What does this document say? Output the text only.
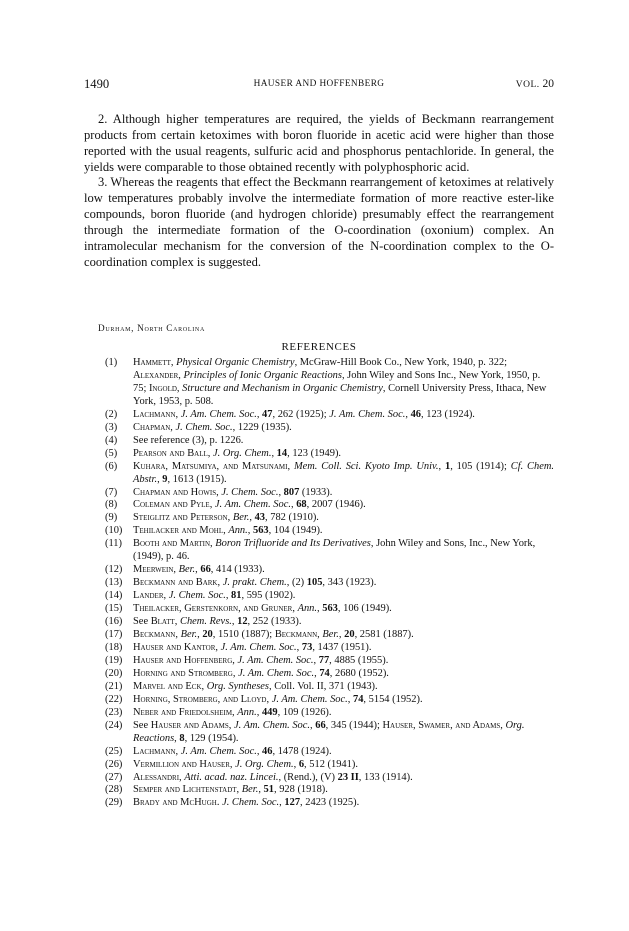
1490	HAUSER AND HOFFENBERG	VOL. 20

2. Although higher temperatures are required, the yields of Beckmann rearrangement products from certain ketoximes with boron fluoride in acetic acid were higher than those reported with the usual reagents, sulfuric acid and phosphorus pentachloride. In general, the yields were comparable to those obtained recently with polyphosphoric acid.

3. Whereas the reagents that effect the Beckmann rearrangement of ketoximes at relatively low temperatures probably involve the intermediate formation of more reactive ester-like compounds, boron fluoride (and hydrogen chloride) presumably effect the rearrangement through the intermediate formation of the O-coordination (oxonium) complex. An intramolecular mechanism for the conversion of the N-coordination complex to the O-coordination complex is suggested.

Durham, North Carolina
REFERENCES
(1) Hammett, Physical Organic Chemistry, McGraw-Hill Book Co., New York, 1940, p. 322; Alexander, Principles of Ionic Organic Reactions, John Wiley and Sons Inc., New York, 1950, p. 75; Ingold, Structure and Mechanism in Organic Chemistry, Cornell University Press, Ithaca, New York, 1953, p. 508.
(2) Lachmann, J. Am. Chem. Soc., 47, 262 (1925); J. Am. Chem. Soc., 46, 123 (1924).
(3) Chapman, J. Chem. Soc., 1229 (1935).
(4) See reference (3), p. 1226.
(5) Pearson and Ball, J. Org. Chem., 14, 123 (1949).
(6) Kuhara, Matsumiya, and Matsunami, Mem. Coll. Sci. Kyoto Imp. Univ., 1, 105 (1914); Cf. Chem. Abstr., 9, 1613 (1915).
(7) Chapman and Howis, J. Chem. Soc., 807 (1933).
(8) Coleman and Pyle, J. Am. Chem. Soc., 68, 2007 (1946).
(9) Steiglitz and Peterson, Ber., 43, 782 (1910).
(10) Tehilacker and Mohl, Ann., 563, 104 (1949).
(11) Booth and Martin, Boron Trifluoride and Its Derivatives, John Wiley and Sons, Inc., New York, (1949), p. 46.
(12) Meerwein, Ber., 66, 414 (1933).
(13) Beckmann and Bark, J. prakt. Chem., (2) 105, 343 (1923).
(14) Lander, J. Chem. Soc., 81, 595 (1902).
(15) Theilacker, Gerstenkorn, and Gruner, Ann., 563, 106 (1949).
(16) See Blatt, Chem. Revs., 12, 252 (1933).
(17) Beckmann, Ber., 20, 1510 (1887); Beckmann, Ber., 20, 2581 (1887).
(18) Hauser and Kantor, J. Am. Chem. Soc., 73, 1437 (1951).
(19) Hauser and Hoffenberg, J. Am. Chem. Soc., 77, 4885 (1955).
(20) Horning and Stromberg, J. Am. Chem. Soc., 74, 2680 (1952).
(21) Marvel and Eck, Org. Syntheses, Coll. Vol. II, 371 (1943).
(22) Horning, Stromberg, and Lloyd, J. Am. Chem. Soc., 74, 5154 (1952).
(23) Neber and Friedolsheim, Ann., 449, 109 (1926).
(24) See Hauser and Adams, J. Am. Chem. Soc., 66, 345 (1944); Hauser, Swamer, and Adams, Org. Reactions, 8, 129 (1954).
(25) Lachmann, J. Am. Chem. Soc., 46, 1478 (1924).
(26) Vermillion and Hauser, J. Org. Chem., 6, 512 (1941).
(27) Alessandri, Atti. acad. naz. Lincei., (Rend.), (V) 23 II, 133 (1914).
(28) Semper and Lichtenstadt, Ber., 51, 928 (1918).
(29) Brady and McHugh. J. Chem. Soc., 127, 2423 (1925).
